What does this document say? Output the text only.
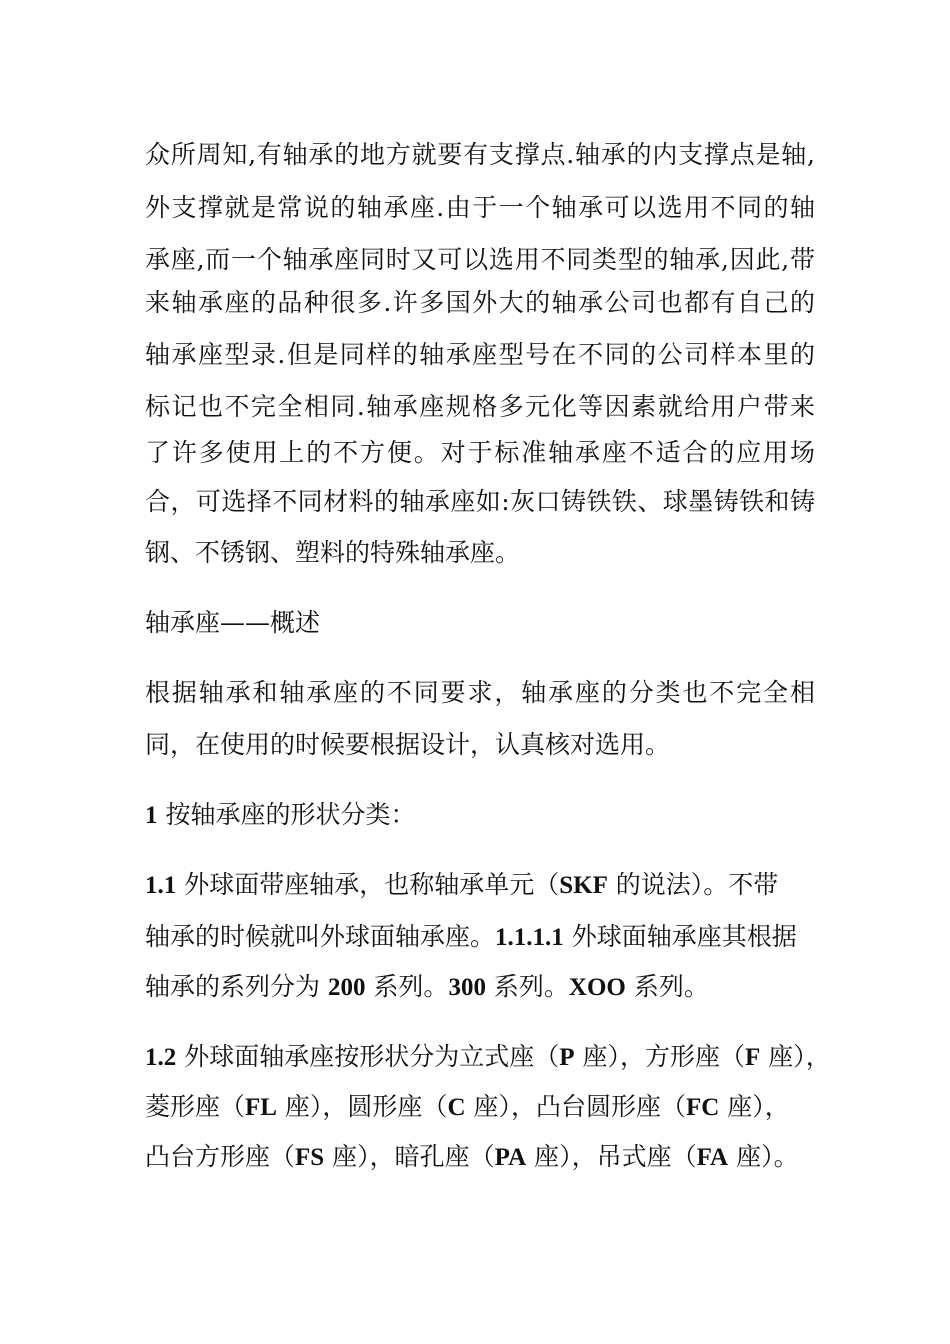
众所周知,有轴承的地方就要有支撑点.轴承的内支撑点是轴,
外支撑就是常说的轴承座.由于一个轴承可以选用不同的轴
承座,而一个轴承座同时又可以选用不同类型的轴承,因此,带
来轴承座的品种很多.许多国外大的轴承公司也都有自己的
轴承座型录.但是同样的轴承座型号在不同的公司样本里的
标记也不完全相同.轴承座规格多元化等因素就给用户带来
了许多使用上的不方便。对于标准轴承座不适合的应用场
合，可选择不同材料的轴承座如:灰口铸铁铁、球墨铸铁和铸
钢、不锈钢、塑料的特殊轴承座。
轴承座——概述
根据轴承和轴承座的不同要求，轴承座的分类也不完全相
同，在使用的时候要根据设计，认真核对选用。
1 按轴承座的形状分类：
1.1 外球面带座轴承，也称轴承单元（SKF 的说法）。不带
轴承的时候就叫外球面轴承座。1.1.1.1 外球面轴承座其根据
轴承的系列分为 200 系列。300 系列。XOO 系列。
1.2 外球面轴承座按形状分为立式座（P 座），方形座（F 座），
菱形座（FL 座），圆形座（C 座），凸台圆形座（FC 座），
凸台方形座（FS 座），暗孔座（PA 座），吊式座（FA 座）。
